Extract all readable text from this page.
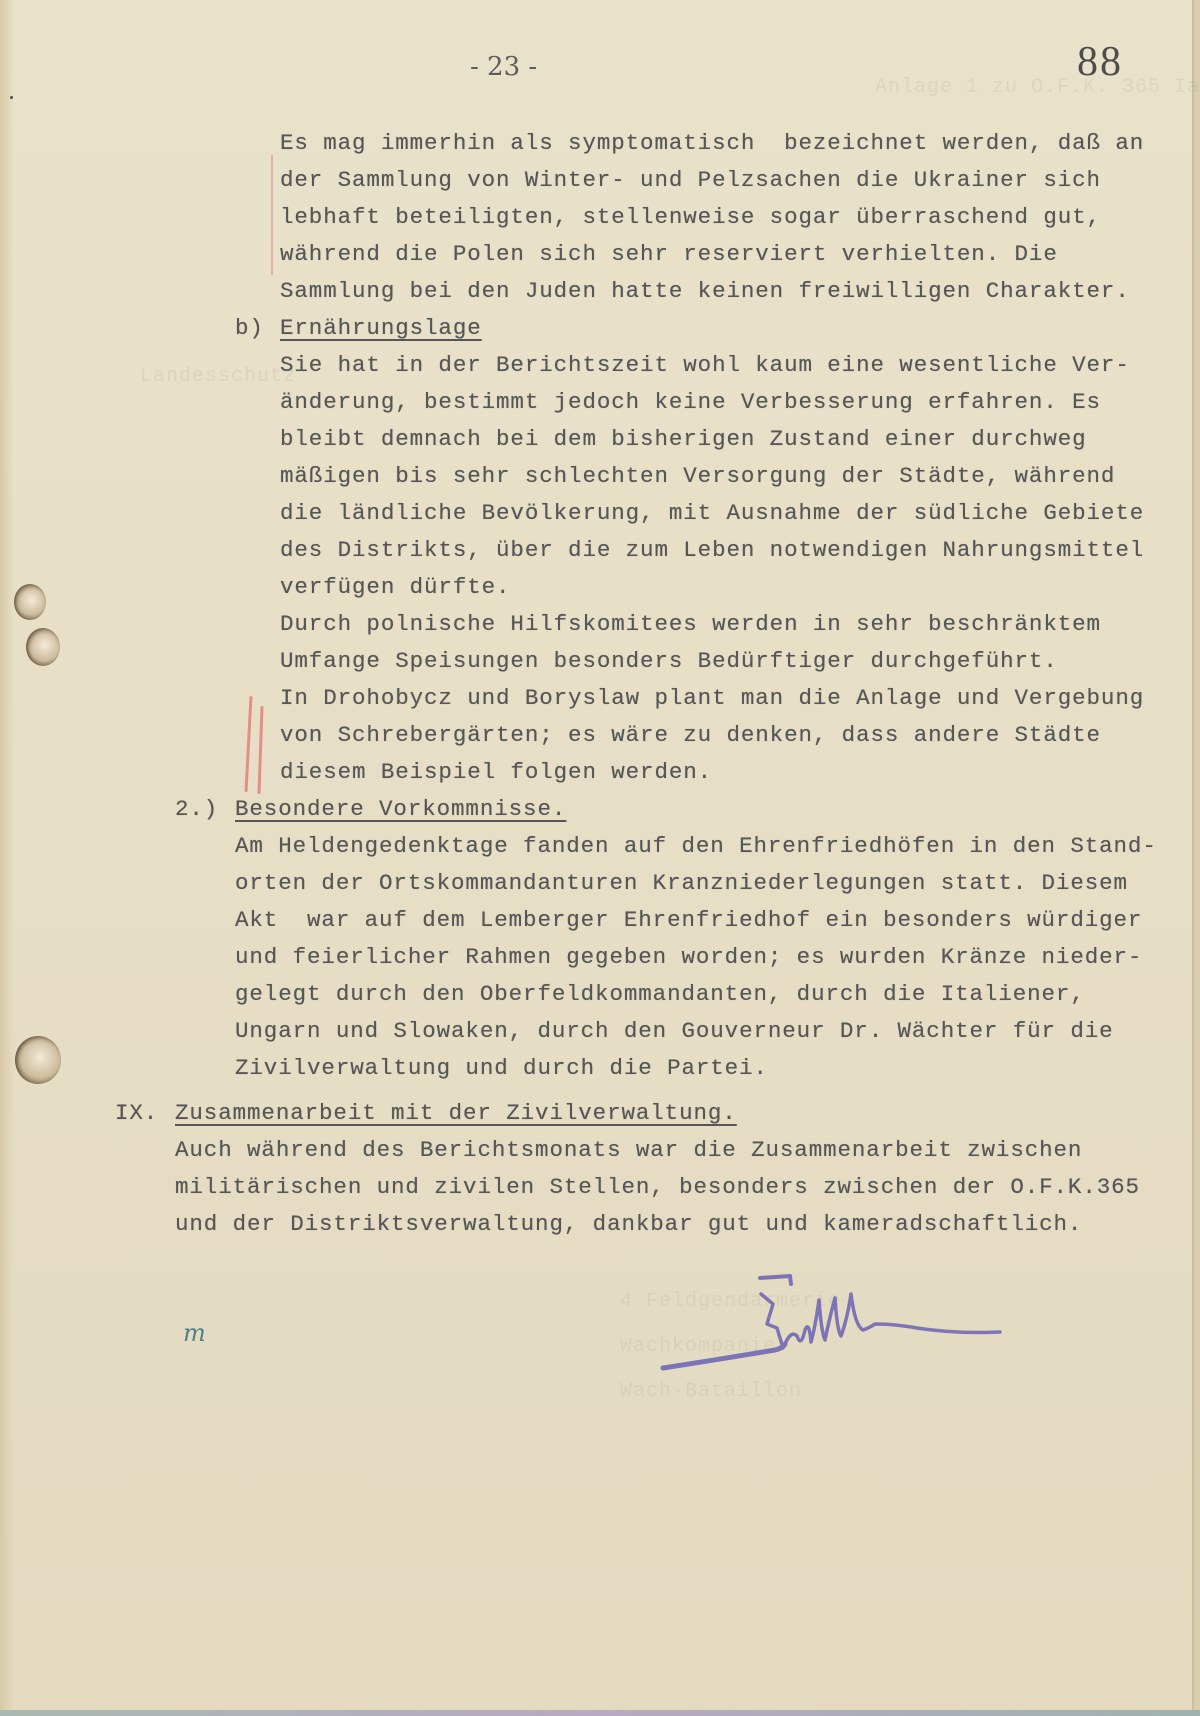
Anlage 1 zu O.F.K. 365 Ia
Landesschutz
4 Feldgendarmerie
Wachkompanie
Wach-Bataillon
- 23 -	88
Es mag immerhin als symptomatisch  bezeichnet werden, daß an
der Sammlung von Winter- und Pelzsachen die Ukrainer sich
lebhaft beteiligten, stellenweise sogar überraschend gut,
während die Polen sich sehr reserviert verhielten. Die
Sammlung bei den Juden hatte keinen freiwilligen Charakter.
b) Ernährungslage
Sie hat in der Berichtszeit wohl kaum eine wesentliche Ver-
änderung, bestimmt jedoch keine Verbesserung erfahren. Es
bleibt demnach bei dem bisherigen Zustand einer durchweg
mäßigen bis sehr schlechten Versorgung der Städte, während
die ländliche Bevölkerung, mit Ausnahme der südliche Gebiete
des Distrikts, über die zum Leben notwendigen Nahrungsmittel
verfügen dürfte.
Durch polnische Hilfskomitees werden in sehr beschränktem
Umfange Speisungen besonders Bedürftiger durchgeführt.
In Drohobycz und Boryslaw plant man die Anlage und Vergebung
von Schrebergärten; es wäre zu denken, dass andere Städte
diesem Beispiel folgen werden.
2.) Besondere Vorkommnisse.
Am Heldengedenktage fanden auf den Ehrenfriedhöfen in den Stand-
orten der Ortskommandanturen Kranzniederlegungen statt. Diesem
Akt  war auf dem Lemberger Ehrenfriedhof ein besonders würdiger
und feierlicher Rahmen gegeben worden; es wurden Kränze nieder-
gelegt durch den Oberfeldkommandanten, durch die Italiener,
Ungarn und Slowaken, durch den Gouverneur Dr. Wächter für die
Zivilverwaltung und durch die Partei.
IX. Zusammenarbeit mit der Zivilverwaltung.
Auch während des Berichtsmonats war die Zusammenarbeit zwischen
militärischen und zivilen Stellen, besonders zwischen der O.F.K.365
und der Distriktsverwaltung, dankbar gut und kameradschaftlich.
m
